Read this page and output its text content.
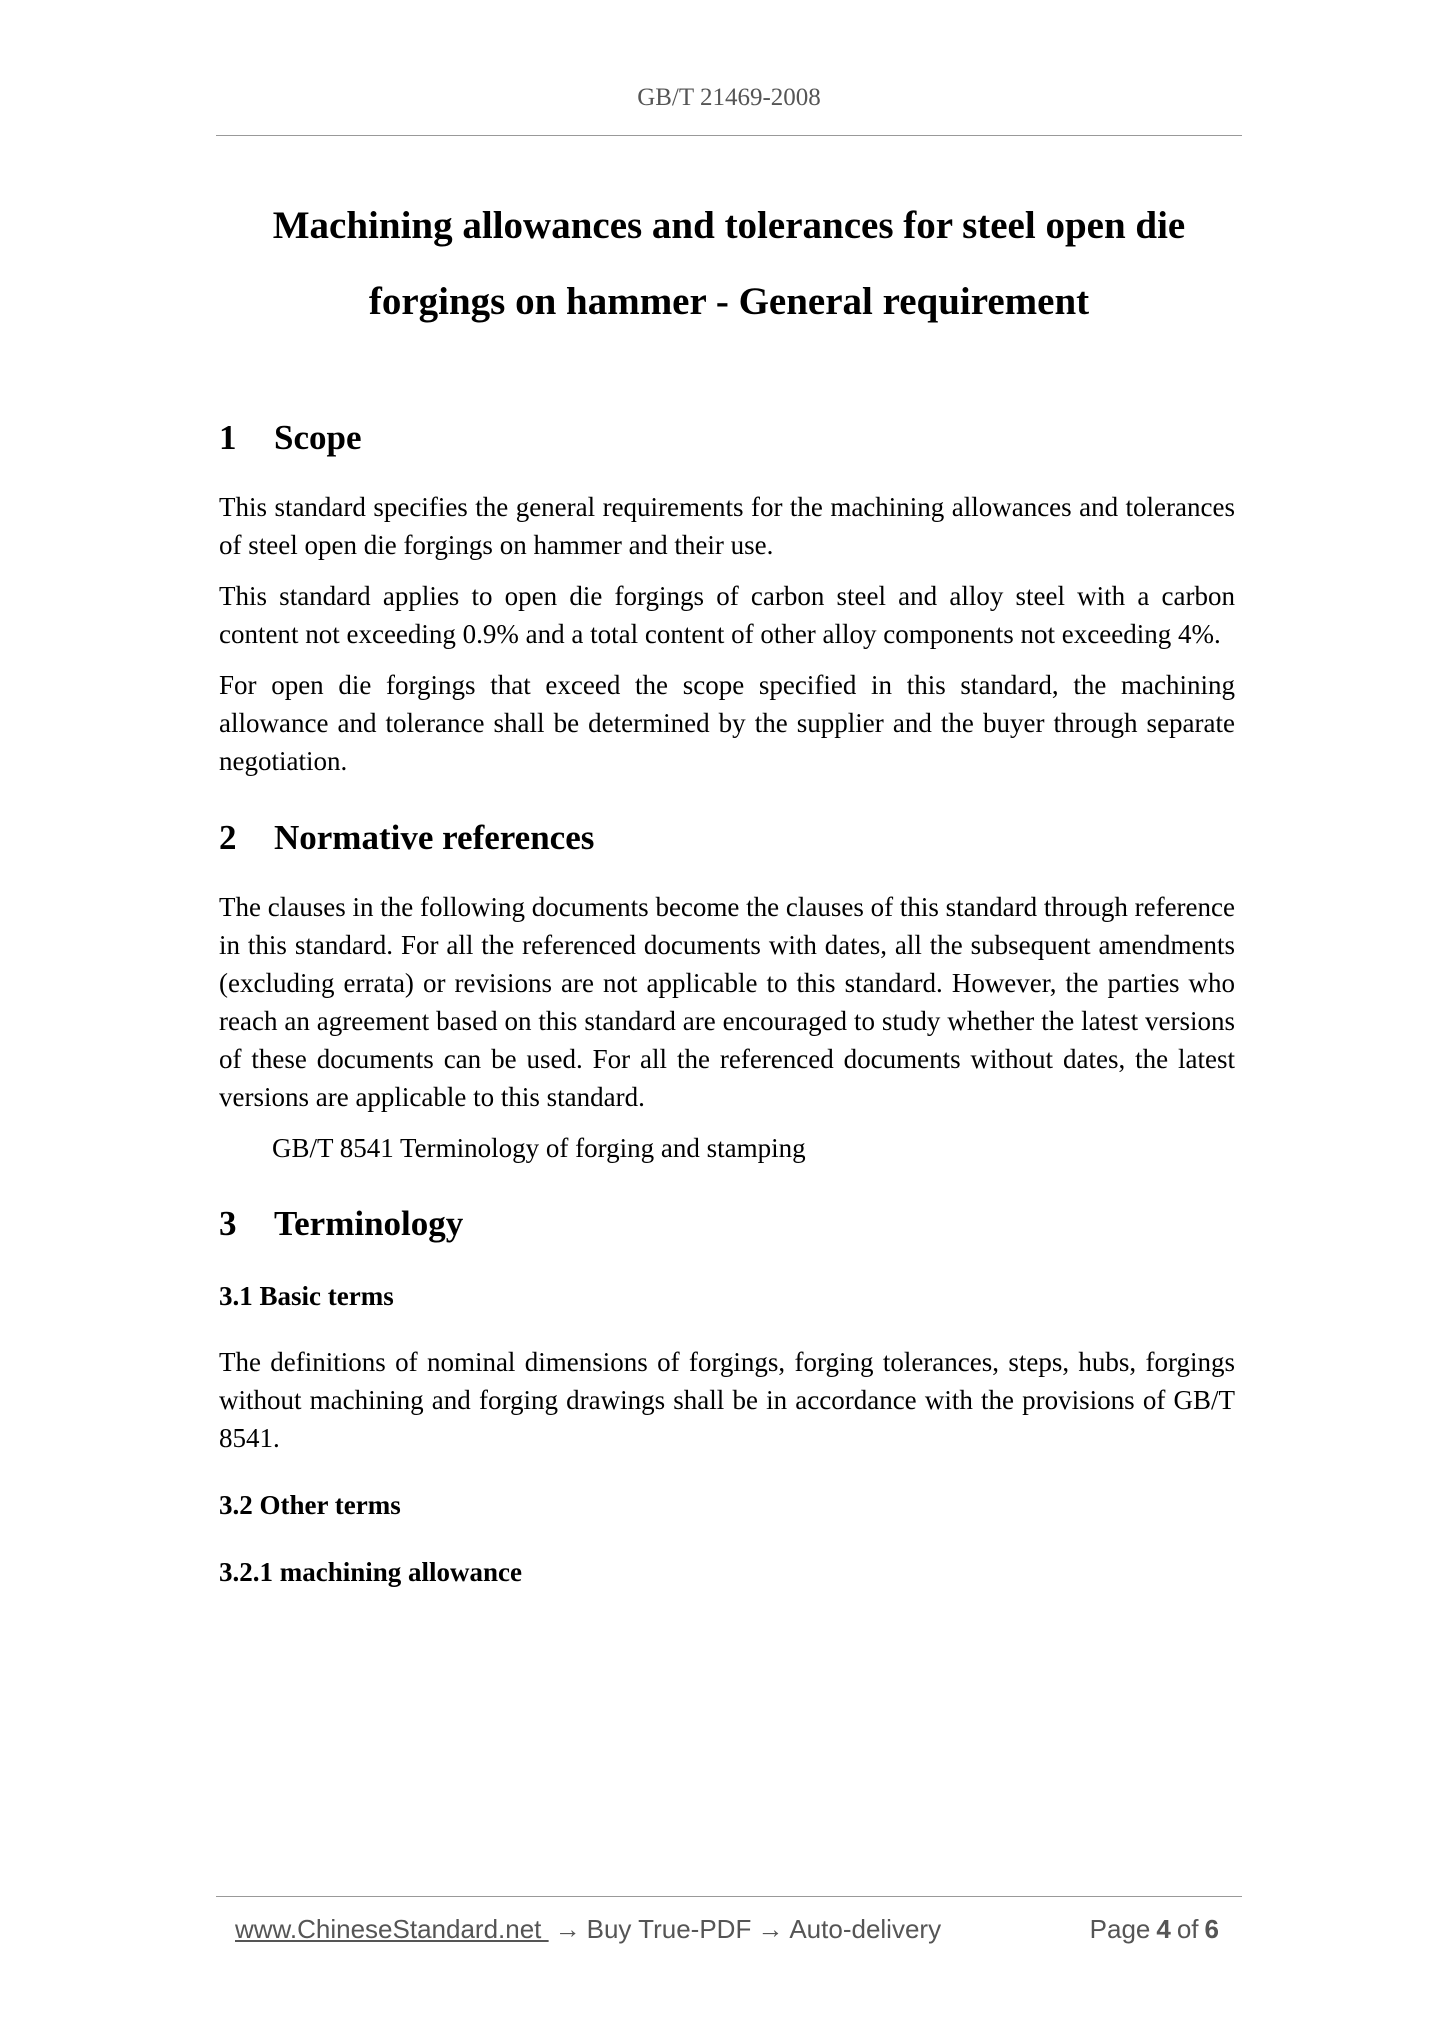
GB/T 21469-2008
Machining allowances and tolerances for steel open die
forgings on hammer - General requirement
1 Scope

This standard specifies the general requirements for the machining allowances and tolerances of steel open die forgings on hammer and their use.

This standard applies to open die forgings of carbon steel and alloy steel with a carbon content not exceeding 0.9% and a total content of other alloy components not exceeding 4%.

For open die forgings that exceed the scope specified in this standard, the machining allowance and tolerance shall be determined by the supplier and the buyer through separate negotiation.

2 Normative references

The clauses in the following documents become the clauses of this standard through reference in this standard. For all the referenced documents with dates, all the subsequent amendments (excluding errata) or revisions are not applicable to this standard. However, the parties who reach an agreement based on this standard are encouraged to study whether the latest versions of these documents can be used. For all the referenced documents without dates, the latest versions are applicable to this standard.

GB/T 8541 Terminology of forging and stamping

3 Terminology
3.1 Basic terms

The definitions of nominal dimensions of forgings, forging tolerances, steps, hubs, forgings without machining and forging drawings shall be in accordance with the provisions of GB/T 8541.

3.2 Other terms
3.2.1 machining allowance
www.ChineseStandard.net → Buy True-PDF → Auto-delivery	Page 4 of 6
